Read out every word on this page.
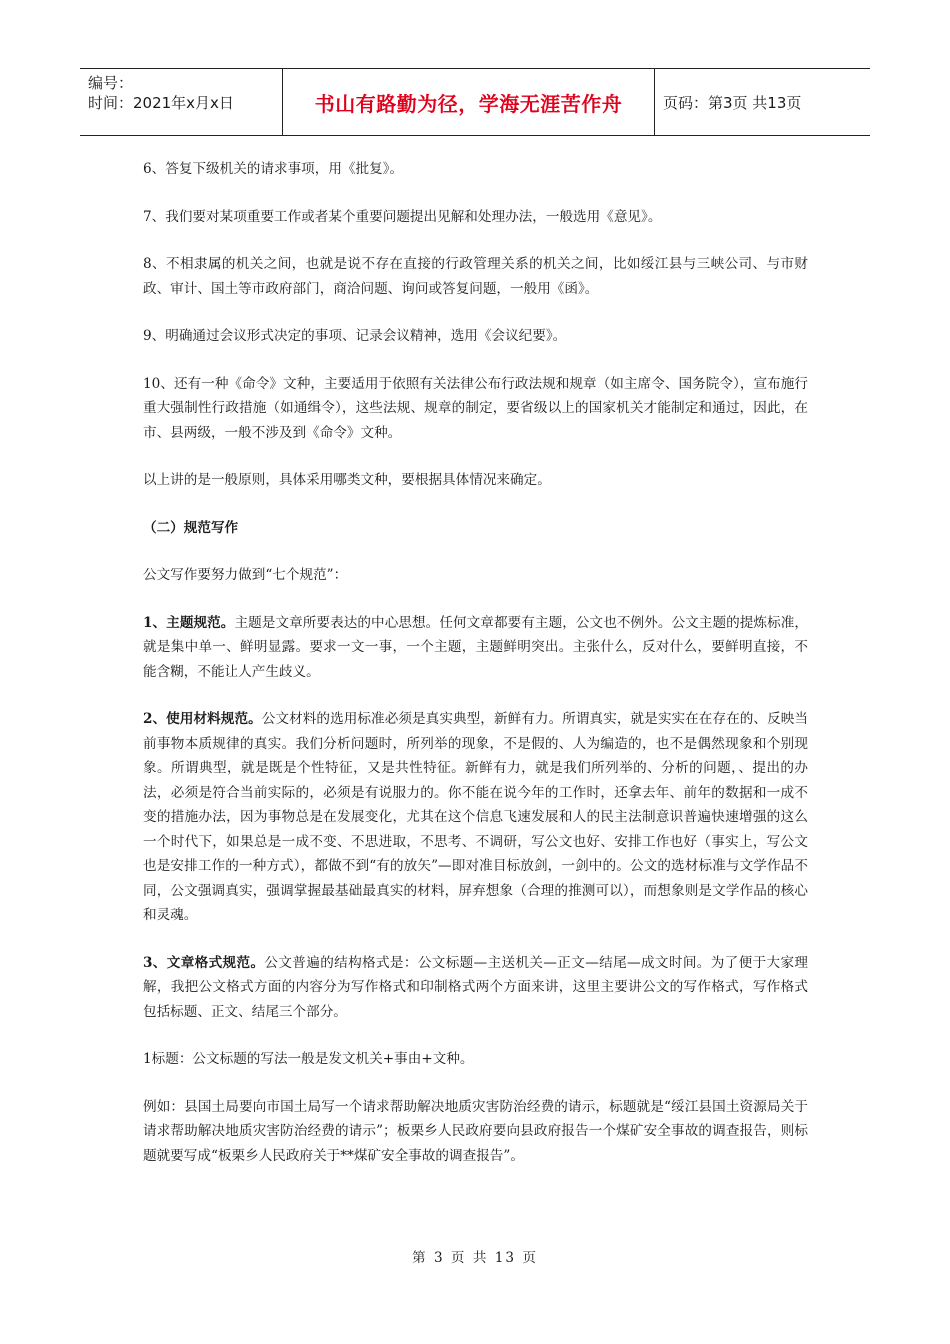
编号：
时间：2021年x月x日	书山有路勤为径，学海无涯苦作舟	页码：第3页 共13页

6、答复下级机关的请求事项，用《批复》。

7、我们要对某项重要工作或者某个重要问题提出见解和处理办法，一般选用《意见》。

8、不相隶属的机关之间，也就是说不存在直接的行政管理关系的机关之间，比如绥江县与三峡公司、与市财政、审计、国土等市政府部门，商洽问题、询问或答复问题，一般用《函》。

9、明确通过会议形式决定的事项、记录会议精神，选用《会议纪要》。

10、还有一种《命令》文种，主要适用于依照有关法律公布行政法规和规章（如主席令、国务院令），宣布施行重大强制性行政措施（如通缉令），这些法规、规章的制定，要省级以上的国家机关才能制定和通过，因此，在市、县两级，一般不涉及到《命令》文种。

以上讲的是一般原则，具体采用哪类文种，要根据具体情况来确定。

（二）规范写作

公文写作要努力做到“七个规范”：

1、主题规范。主题是文章所要表达的中心思想。任何文章都要有主题，公文也不例外。公文主题的提炼标准，就是集中单一、鲜明显露。要求一文一事，一个主题，主题鲜明突出。主张什么，反对什么，要鲜明直接，不能含糊，不能让人产生歧义。

2、使用材料规范。公文材料的选用标准必须是真实典型，新鲜有力。所谓真实，就是实实在在存在的、反映当前事物本质规律的真实。我们分析问题时，所列举的现象，不是假的、人为编造的，也不是偶然现象和个别现象。所谓典型，就是既是个性特征，又是共性特征。新鲜有力，就是我们所列举的、分析的问题，、提出的办法，必须是符合当前实际的，必须是有说服力的。你不能在说今年的工作时，还拿去年、前年的数据和一成不变的措施办法，因为事物总是在发展变化，尤其在这个信息飞速发展和人的民主法制意识普遍快速增强的这么一个时代下，如果总是一成不变、不思进取，不思考、不调研，写公文也好、安排工作也好（事实上，写公文也是安排工作的一种方式），都做不到“有的放矢”—即对准目标放剑，一剑中的。公文的选材标准与文学作品不同，公文强调真实，强调掌握最基础最真实的材料，屏弃想象（合理的推测可以），而想象则是文学作品的核心和灵魂。

3、文章格式规范。公文普遍的结构格式是：公文标题—主送机关—正文—结尾—成文时间。为了便于大家理解，我把公文格式方面的内容分为写作格式和印制格式两个方面来讲，这里主要讲公文的写作格式，写作格式包括标题、正文、结尾三个部分。

1标题：公文标题的写法一般是发文机关+事由+文种。

例如：县国土局要向市国土局写一个请求帮助解决地质灾害防治经费的请示，标题就是“绥江县国土资源局关于请求帮助解决地质灾害防治经费的请示”；板栗乡人民政府要向县政府报告一个煤矿安全事故的调查报告，则标题就要写成“板栗乡人民政府关于**煤矿安全事故的调查报告”。

第 3 页 共 13 页
